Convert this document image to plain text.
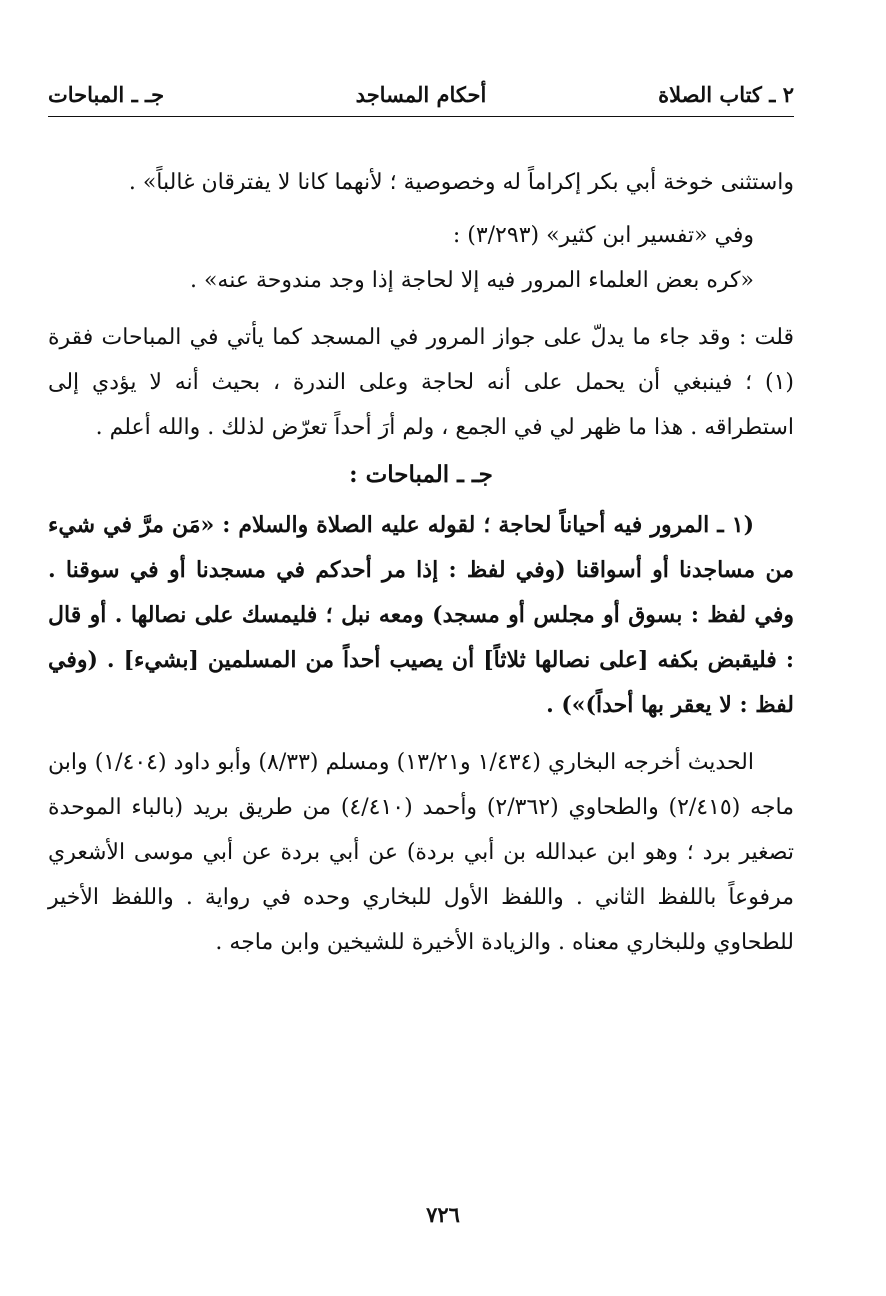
٢ ـ كتاب الصلاة
أحكام المساجد
جـ ـ المباحات

واستثنى خوخة أبي بكر إكراماً له وخصوصية ؛ لأنهما كانا لا يفترقان غالباً» .

وفي «تفسير ابن كثير» (٣/٢٩٣) :

«كره بعض العلماء المرور فيه إلا لحاجة إذا وجد مندوحة عنه» .

قلت : وقد جاء ما يدلّ على جواز المرور في المسجد كما يأتي في المباحات فقرة (١) ؛ فينبغي أن يحمل على أنه لحاجة وعلى الندرة ، بحيث أنه لا يؤدي إلى استطراقه . هذا ما ظهر لي في الجمع ، ولم أرَ أحداً تعرّض لذلك . والله أعلم .

جـ ـ المباحات :

(١ ـ المرور فيه أحياناً لحاجة ؛ لقوله عليه الصلاة والسلام : «مَن مرَّ في شيء من مساجدنا أو أسواقنا (وفي لفظ : إذا مر أحدكم في مسجدنا أو في سوقنا . وفي لفظ : بسوق أو مجلس أو مسجد) ومعه نبل ؛ فليمسك على نصالها . أو قال : فليقبض بكفه [على نصالها ثلاثاً] أن يصيب أحداً من المسلمين [بشيء] . (وفي لفظ : لا يعقر بها أحداً)») .

الحديث أخرجه البخاري (١/٤٣٤ و١٣/٢١) ومسلم (٨/٣٣) وأبو داود (١/٤٠٤) وابن ماجه (٢/٤١٥) والطحاوي (٢/٣٦٢) وأحمد (٤/٤١٠) من طريق بريد (بالباء الموحدة تصغير برد ؛ وهو ابن عبدالله بن أبي بردة) عن أبي بردة عن أبي موسى الأشعري مرفوعاً باللفظ الثاني . واللفظ الأول للبخاري وحده في رواية . واللفظ الأخير للطحاوي وللبخاري معناه . والزيادة الأخيرة للشيخين وابن ماجه .

٧٢٦
